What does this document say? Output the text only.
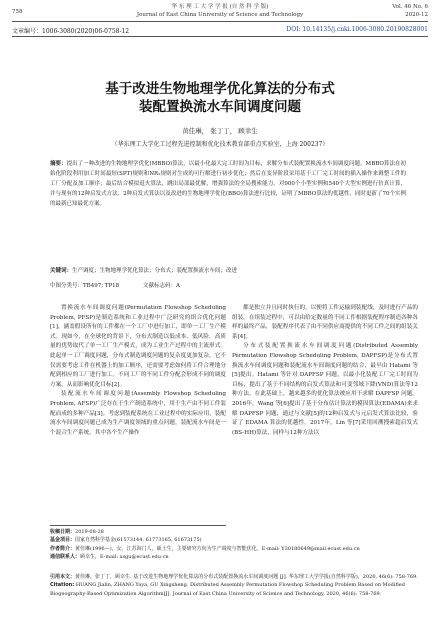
758
华 东 理 工 大 学 学 报 (自 然 科 学 版)
Journal of East China University of Science and Technology
Vol. 46 No. 6
2020-12
文章编号：1006-3080(2020)06-0758-12	DOI: 10.14135/j.cnki.1006-3080.20190828001
基于改进生物地理学优化算法的分布式
装配置换流水车间调度问题
黄佳琳， 张丁丁， 顾幸生
（华东理工大学化工过程先进控制和优化技术教育部重点实验室，上海 200237）
摘要：提出了一种改进的生物地理学优化(MBBO)算法，以最小化最大完工时间为目标，求解分布式装配置换流水车间调度问题。MBBO算法在初始化阶段利用加工时间最短(SPT)规则和NR₂规则对生成的可行解进行初步优化；然后在变异阶段采用基于工厂完工时间的插入操作来调整工件的工厂分配及加工顺序；最后结合模拟退火算法，跳出局部最优解，增强算法的全局搜索能力。对900个小型实例和540个大型实例进行仿真计算，并与现有的12种启发式方法、2种启发式算法以及改进的生物地理学优化(BBO)算法进行比较，证明了MBBO算法的优越性，同时更新了70个实例的最新已知最优方案。
关键词：生产调度；生物地理学优化算法；分布式；装配置换流水车间；改进
中图分类号：TB497; TP18	文献标志码：A

置换流水车间调度问题(Permutation Flowshop Scheduling Problem, PFSP)是制造系统和工业过程中广泛研究的组合优化问题[1]，涵盖假设所有的工件都在一个工厂中进行加工，即单一工厂生产模式。现如今，在全球化的背景下，分布式制造以低成本、低风险、高质量的优势取代了单一工厂生产模式，成为工业生产过程中的主流形式。此起单一工厂调度问题，分布式制造调度问题的复杂度更加复杂，它不仅需要考虑工件在机器上的加工顺序，还需要考虑如何将工件合理地分配到相应的工厂进行加工。不同工厂的不同工件分配会形成不同的调度方案，从而影响优化目标[2]。

装配流水车间调度问题(Assembly Flowshop Scheduling Problem, AFSP)广泛存在于生产制造系统中，用于生产由不同工件装配而成的多种产品[3]。考虑到装配系统在工业过程中的实际应用，装配流水车间调度问题已成为生产调度领域的重点问题。装配流水车间是一个混合生产系统，其中各个生产操作

都是独立并且同时执行的，以便将工件运输到装配线，及时进行产品的组装。在组装过程中，可以由给定数量的不同工件根据装配程序制造各种各样的最终产品，装配程序代表了由不同供应商提供的不同工件之间的组装关系[4]。

分布式装配置换流水车间调度问题(Distributed Assembly Permutation Flowshop Scheduling Problem, DAPFSP)是分布式置换流水车间调度问题和装配流水车间调度问题的结合，最早由 Hatami 等[5]提出。Hatami 等针对 DAPFSP 问题，以最小化装配工厂完工时间为目标，提出了基于不同结构的启发式算法和可变邻域下降(VND)算法等12种方法。在此基础上，越来越多的优化算法被应用于求解 DAPFSP 问题。2016年，Wang 等[6]提出了基于分布估计算法的模因算法(EDAMA)来求解 DAPFSP 问题，通过与文献[5]的12种启发式与元启发式算法比较，验证了 EDAMA 算法的优越性。2017年，Lin 等[7]采用回溯搜索超启发式(BS-HH)算法，同样与12种方法以

收稿日期：2019-08-28
基金项目：国家自然科学基金(61573144, 61773165, 61673175)
作者简介：黄佳琳(1996—)，女，江苏海门人，硕士生，主要研究方向为生产调度与智能优化。E-mail: Y30180649@mail.ecust.edu.cn
通信联系人：顾幸生，E-mail: xsgu@ecust.edu.cn
引用本文：黄佳琳，张丁丁，顾幸生. 基于改进生物地理学优化算法的分布式装配置换流水车间调度问题 [J]. 华东理工大学学报(自然科学版)，2020, 46(6): 758-769.
Citation: HUANG Jialin, ZHANG Yaya, GU Xingsheng. Distributed Assembly Permutation Flowshop Scheduling Problem Based on Modified
Biogeography-Based Optimization Algorithm[J]. Journal of East China University of Science and Technology, 2020, 46(6): 758-769.
